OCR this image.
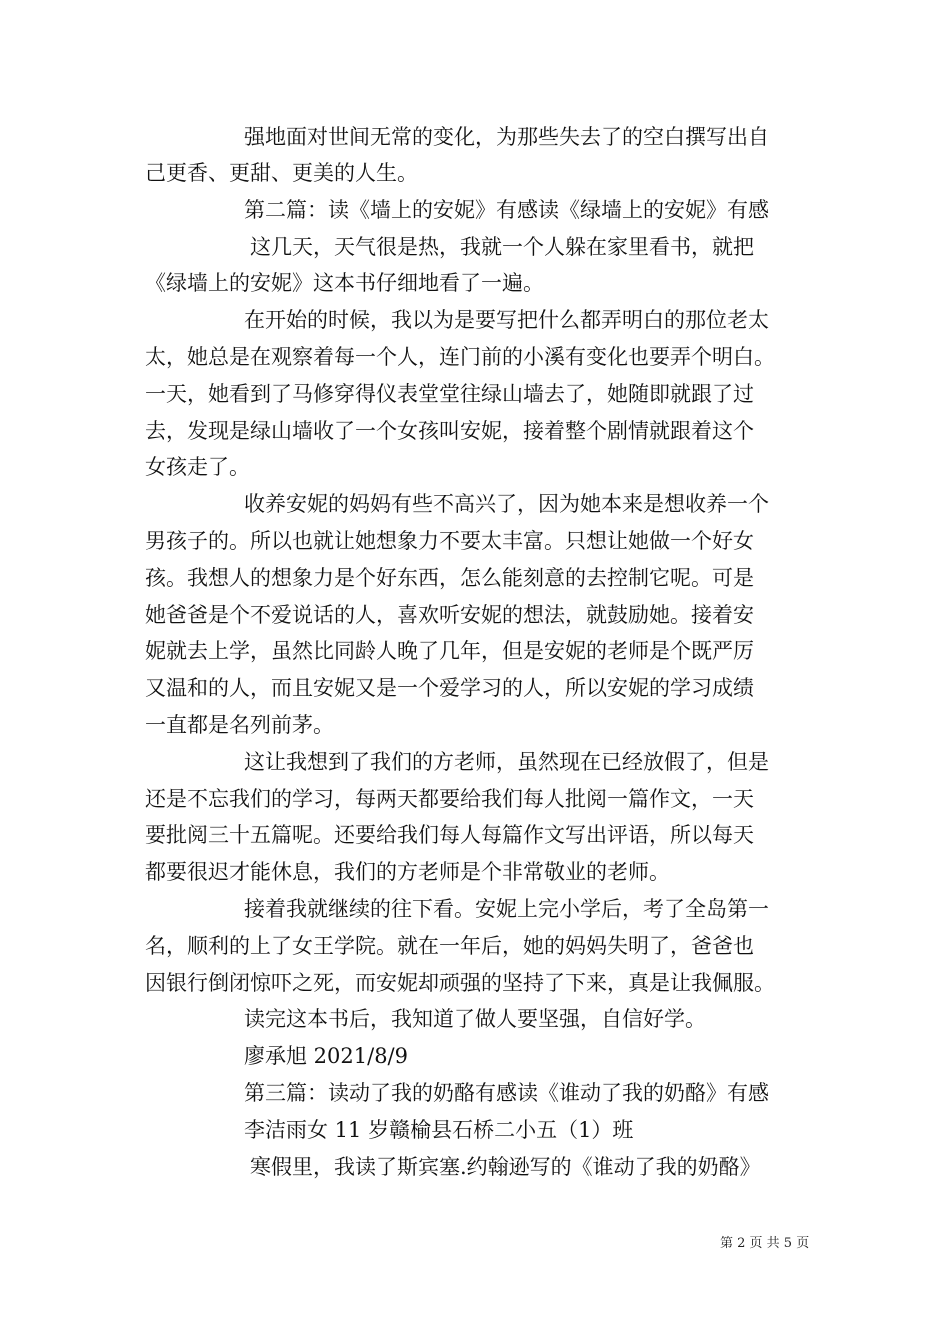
强地面对世间无常的变化，为那些失去了的空白撰写出自
己更香、更甜、更美的人生。
第二篇：读《墙上的安妮》有感读《绿墙上的安妮》有感
这几天，天气很是热，我就一个人躲在家里看书，就把
《绿墙上的安妮》这本书仔细地看了一遍。
在开始的时候，我以为是要写把什么都弄明白的那位老太
太，她总是在观察着每一个人，连门前的小溪有变化也要弄个明白。
一天，她看到了马修穿得仪表堂堂往绿山墙去了，她随即就跟了过
去，发现是绿山墙收了一个女孩叫安妮，接着整个剧情就跟着这个
女孩走了。
收养安妮的妈妈有些不高兴了，因为她本来是想收养一个
男孩子的。所以也就让她想象力不要太丰富。只想让她做一个好女
孩。我想人的想象力是个好东西，怎么能刻意的去控制它呢。可是
她爸爸是个不爱说话的人，喜欢听安妮的想法，就鼓励她。接着安
妮就去上学，虽然比同龄人晚了几年，但是安妮的老师是个既严厉
又温和的人，而且安妮又是一个爱学习的人，所以安妮的学习成绩
一直都是名列前茅。
这让我想到了我们的方老师，虽然现在已经放假了，但是
还是不忘我们的学习，每两天都要给我们每人批阅一篇作文，一天
要批阅三十五篇呢。还要给我们每人每篇作文写出评语，所以每天
都要很迟才能休息，我们的方老师是个非常敬业的老师。
接着我就继续的往下看。安妮上完小学后，考了全岛第一
名，顺利的上了女王学院。就在一年后，她的妈妈失明了，爸爸也
因银行倒闭惊吓之死，而安妮却顽强的坚持了下来，真是让我佩服。
读完这本书后，我知道了做人要坚强，自信好学。
廖承旭 2021/8/9
第三篇：读动了我的奶酪有感读《谁动了我的奶酪》有感
李洁雨女 11 岁赣榆县石桥二小五（1）班
寒假里，我读了斯宾塞.约翰逊写的《谁动了我的奶酪》
第 2 页 共 5 页
